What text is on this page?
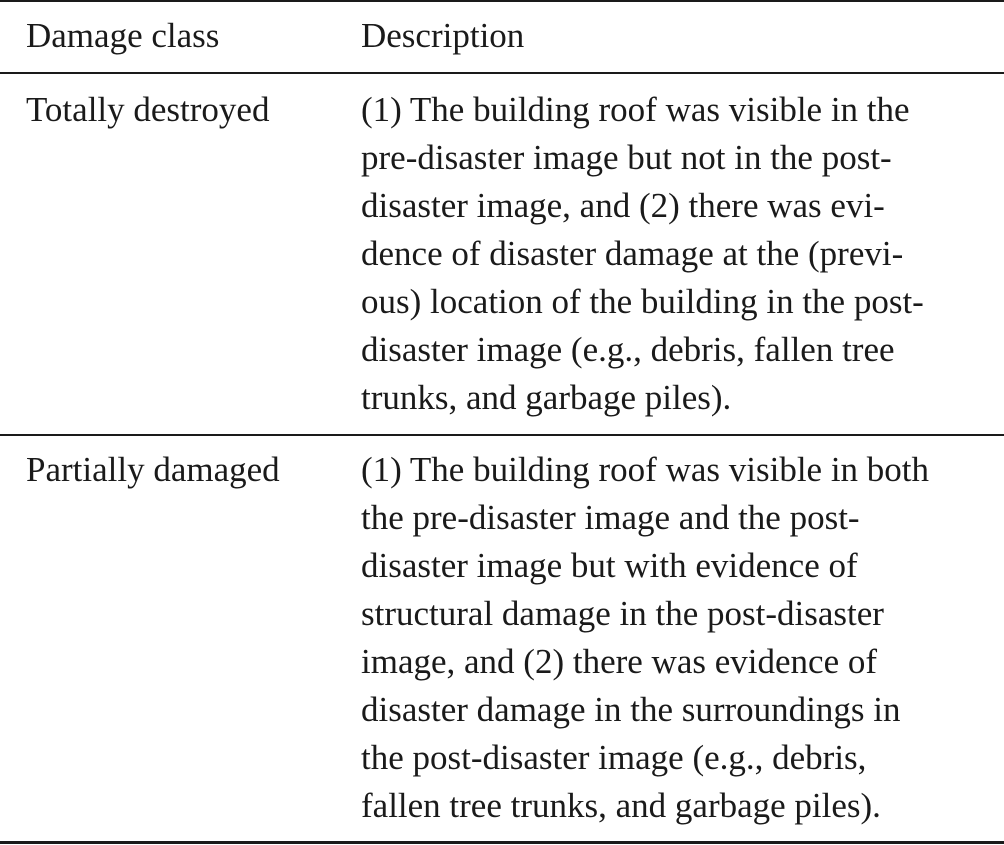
Damage class	Description
Totally destroyed	(1) The building roof was visible in the
pre-disaster image but not in the post-
disaster image, and (2) there was evi-
dence of disaster damage at the (previ-
ous) location of the building in the post-
disaster image (e.g., debris, fallen tree
trunks, and garbage piles).
Partially damaged (1) The building roof was visible in both
the pre-disaster image and the post-
disaster image but with evidence of
structural damage in the post-disaster
image, and (2) there was evidence of
disaster damage in the surroundings in
the post-disaster image (e.g., debris,
fallen tree trunks, and garbage piles).
